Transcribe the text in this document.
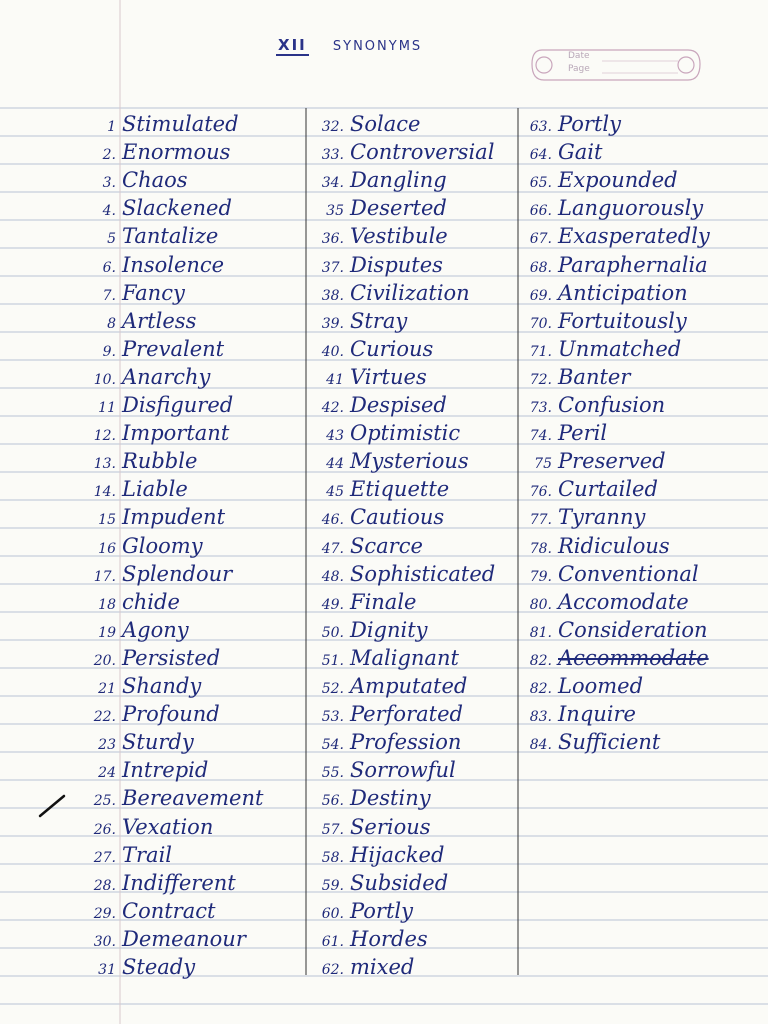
XII SYNONYMS
Date
Page
1 Stimulated
2. Enormous
3. Chaos
4. Slackened
5 Tantalize
6. Insolence
7. Fancy
8 Artless
9. Prevalent
10. Anarchy
11 Disfigured
12. Important
13. Rubble
14. Liable
15 Impudent
16 Gloomy
17. Splendour
18 chide
19 Agony
20. Persisted
21 Shandy
22. Profound
23 Sturdy
24 Intrepid
25. Bereavement
26. Vexation
27. Trail
28. Indifferent
29. Contract
30. Demeanour
31 Steady
32. Solace
33. Controversial
34. Dangling
35 Deserted
36. Vestibule
37. Disputes
38. Civilization
39. Stray
40. Curious
41 Virtues
42. Despised
43 Optimistic
44 Mysterious
45 Etiquette
46. Cautious
47. Scarce
48. Sophisticated
49. Finale
50. Dignity
51. Malignant
52. Amputated
53. Perforated
54. Profession
55. Sorrowful
56. Destiny
57. Serious
58. Hijacked
59. Subsided
60. Portly
61. Hordes
62. mixed
63. Portly
64. Gait
65. Expounded
66. Languorously
67. Exasperatedly
68. Paraphernalia
69. Anticipation
70. Fortuitously
71. Unmatched
72. Banter
73. Confusion
74. Peril
75 Preserved
76. Curtailed
77. Tyranny
78. Ridiculous
79. Conventional
80. Accomodate
81. Consideration
82. Accommodate
82. Loomed
83. Inquire
84. Sufficient
